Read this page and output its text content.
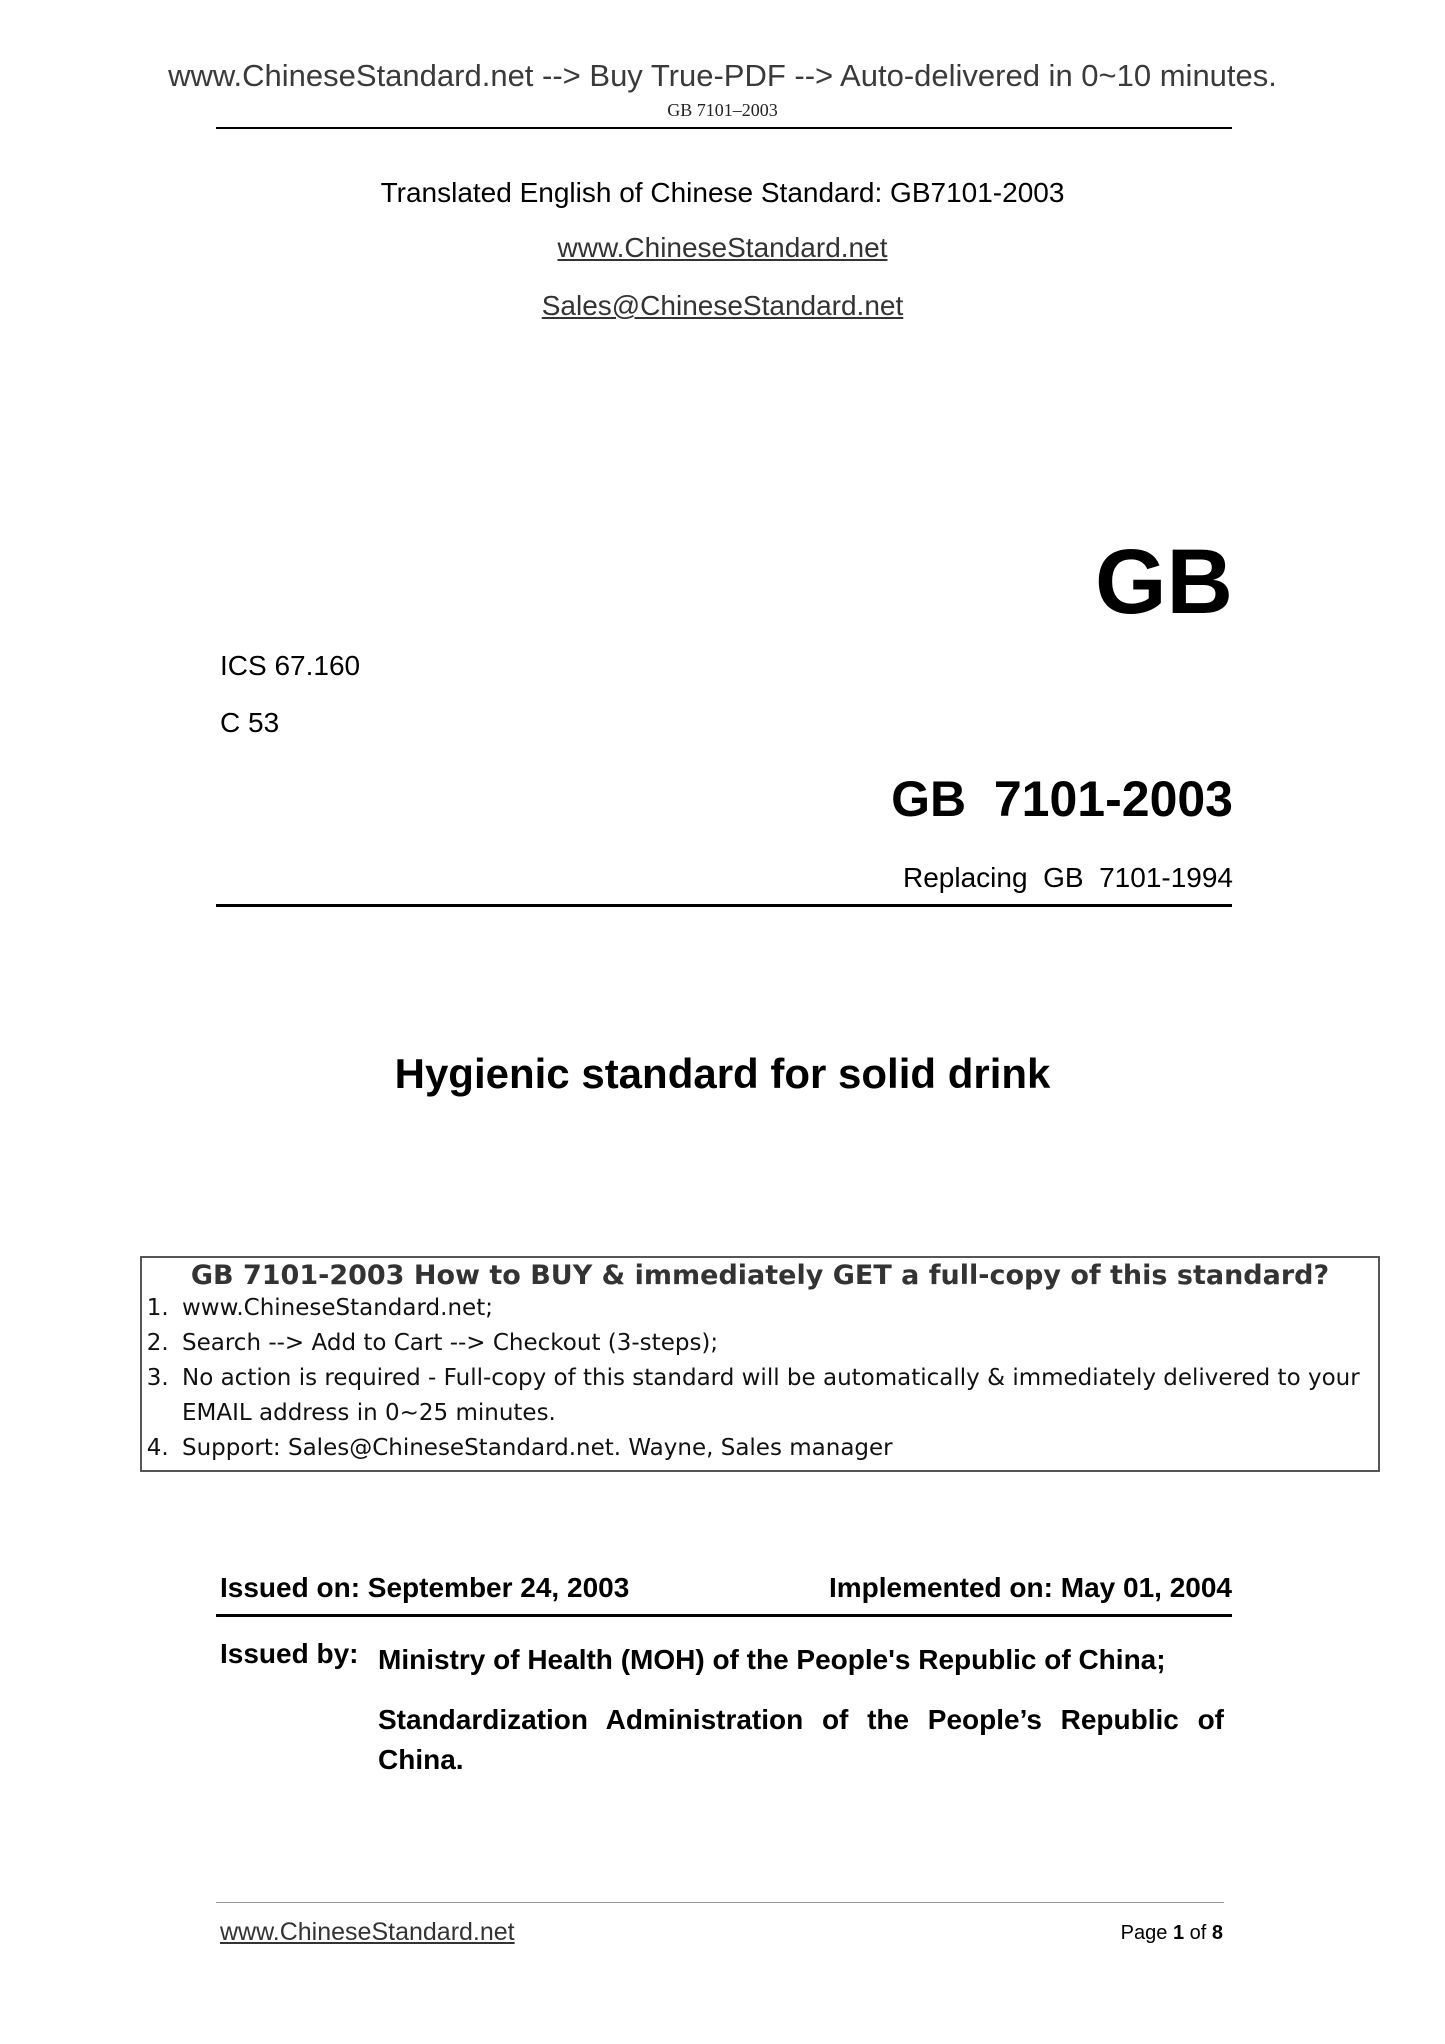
www.ChineseStandard.net --> Buy True-PDF --> Auto-delivered in 0~10 minutes.
GB 7101–2003
Translated English of Chinese Standard: GB7101-2003
www.ChineseStandard.net
Sales@ChineseStandard.net
GB
ICS 67.160
C 53
GB  7101-2003
Replacing  GB  7101-1994
Hygienic standard for solid drink
GB 7101-2003 How to BUY & immediately GET a full-copy of this standard?
1. www.ChineseStandard.net;
2. Search --> Add to Cart --> Checkout (3-steps);
3. No action is required - Full-copy of this standard will be automatically & immediately delivered to your EMAIL address in 0~25 minutes.
4. Support: Sales@ChineseStandard.net. Wayne, Sales manager
Issued on: September 24, 2003	Implemented on: May 01, 2004
Issued by: Ministry of Health (MOH) of the People's Republic of China;
Standardization Administration of the People’s Republic of China.
www.ChineseStandard.net	Page 1 of 8
